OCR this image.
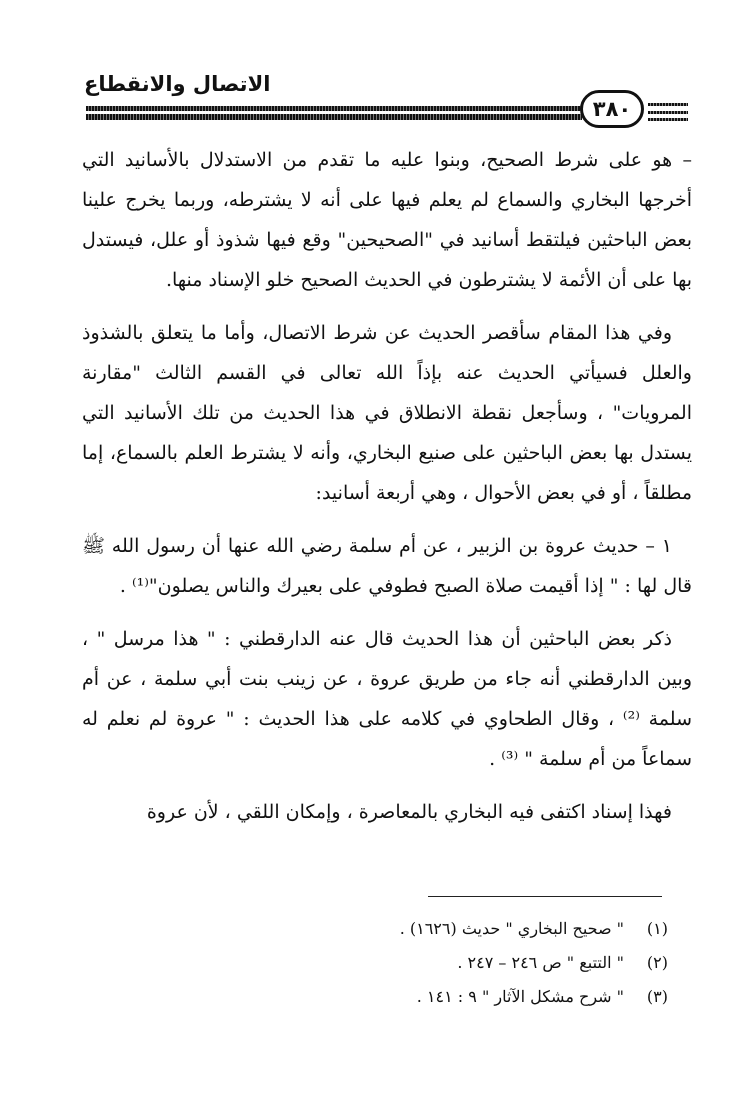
الاتصال والانقطاع
٣٨٠

– هو على شرط الصحيح، وبنوا عليه ما تقدم من الاستدلال بالأسانيد التي أخرجها البخاري والسماع لم يعلم فيها على أنه لا يشترطه، وربما يخرج علينا بعض الباحثين فيلتقط أسانيد في "الصحيحين" وقع فيها شذوذ أو علل، فيستدل بها على أن الأئمة لا يشترطون في الحديث الصحيح خلو الإسناد منها.

وفي هذا المقام سأقصر الحديث عن شرط الاتصال، وأما ما يتعلق بالشذوذ والعلل فسيأتي الحديث عنه بإذاً الله تعالى في القسم الثالث "مقارنة المرويات" ، وسأجعل نقطة الانطلاق في هذا الحديث من تلك الأسانيد التي يستدل بها بعض الباحثين على صنيع البخاري، وأنه لا يشترط العلم بالسماع، إما مطلقاً ، أو في بعض الأحوال ، وهي أربعة أسانيد:

١ – حديث عروة بن الزبير ، عن أم سلمة رضي الله عنها أن رسول الله ﷺ قال لها : " إذا أقيمت صلاة الصبح فطوفي على بعيرك والناس يصلون"⁽¹⁾ .

ذكر بعض الباحثين أن هذا الحديث قال عنه الدارقطني : " هذا مرسل " ، وبين الدارقطني أنه جاء من طريق عروة ، عن زينب بنت أبي سلمة ، عن أم سلمة ⁽²⁾ ، وقال الطحاوي في كلامه على هذا الحديث : " عروة لم نعلم له سماعاً من أم سلمة " ⁽³⁾ .

فهذا إسناد اكتفى فيه البخاري بالمعاصرة ، وإمكان اللقي ، لأن عروة

(١)
" صحيح البخاري " حديث (١٦٢٦) .
(٢)
" التتبع " ص ٢٤٦ – ٢٤٧ .
(٣)
" شرح مشكل الآثار " ٩ : ١٤١ .
